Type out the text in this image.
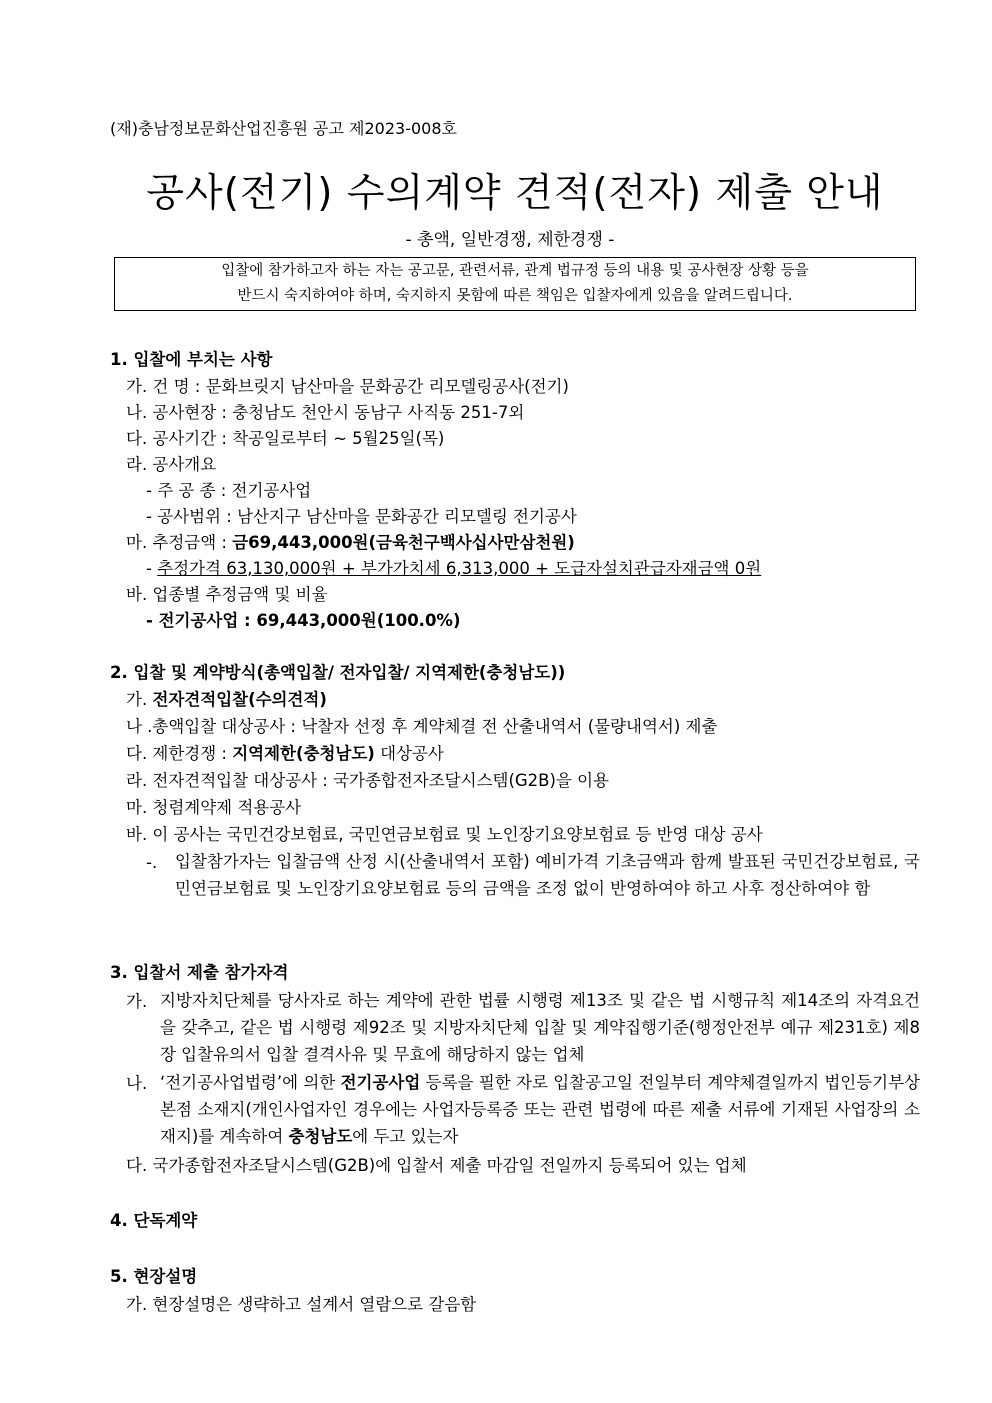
(재)충남정보문화산업진흥원 공고 제2023-008호
공사(전기) 수의계약 견적(전자) 제출 안내
- 총액, 일반경쟁, 제한경쟁 -
입찰에 참가하고자 하는 자는 공고문, 관련서류, 관계 법규정 등의 내용 및 공사현장 상황 등을
반드시 숙지하여야 하며, 숙지하지 못함에 따른 책임은 입찰자에게 있음을 알려드립니다.
1. 입찰에 부치는 사항
가. 건 명 : 문화브릿지 남산마을 문화공간 리모델링공사(전기)
나. 공사현장 : 충청남도 천안시 동남구 사직동 251-7외
다. 공사기간 : 착공일로부터 ~ 5월25일(목)
라. 공사개요
- 주 공 종 : 전기공사업
- 공사범위 : 남산지구 남산마을 문화공간 리모델링 전기공사
마. 추정금액 : 금69,443,000원(금육천구백사십사만삼천원)
- 추정가격 63,130,000원 + 부가가치세 6,313,000 + 도급자설치관급자재금액 0원
바. 업종별 추정금액 및 비율
- 전기공사업 : 69,443,000원(100.0%)
2. 입찰 및 계약방식(총액입찰/ 전자입찰/ 지역제한(충청남도))
가. 전자견적입찰(수의견적)
나 .총액입찰 대상공사 : 낙찰자 선정 후 계약체결 전 산출내역서 (물량내역서) 제출
다. 제한경쟁 : 지역제한(충청남도) 대상공사
라. 전자견적입찰 대상공사 : 국가종합전자조달시스템(G2B)을 이용
마. 청렴계약제 적용공사
바. 이 공사는 국민건강보험료, 국민연금보험료 및 노인장기요양보험료 등 반영 대상 공사
-. 입찰참가자는 입찰금액 산정 시(산출내역서 포함) 예비가격 기초금액과 함께 발표된 국민건강보험료, 국민연금보험료 및 노인장기요양보험료 등의 금액을 조정 없이 반영하여야 하고 사후 정산하여야 함
3. 입찰서 제출 참가자격
가. 지방자치단체를 당사자로 하는 계약에 관한 법률 시행령 제13조 및 같은 법 시행규칙 제14조의 자격요건을 갖추고, 같은 법 시행령 제92조 및 지방자치단체 입찰 및 계약집행기준(행정안전부 예규 제231호) 제8장 입찰유의서 입찰 결격사유 및 무효에 해당하지 않는 업체
나. ‘전기공사업법령’에 의한 전기공사업 등록을 필한 자로 입찰공고일 전일부터 계약체결일까지 법인등기부상 본점 소재지(개인사업자인 경우에는 사업자등록증 또는 관련 법령에 따른 제출 서류에 기재된 사업장의 소재지)를 계속하여 충청남도에 두고 있는자
다. 국가종합전자조달시스템(G2B)에 입찰서 제출 마감일 전일까지 등록되어 있는 업체
4. 단독계약
5. 현장설명
가. 현장설명은 생략하고 설계서 열람으로 갈음함
